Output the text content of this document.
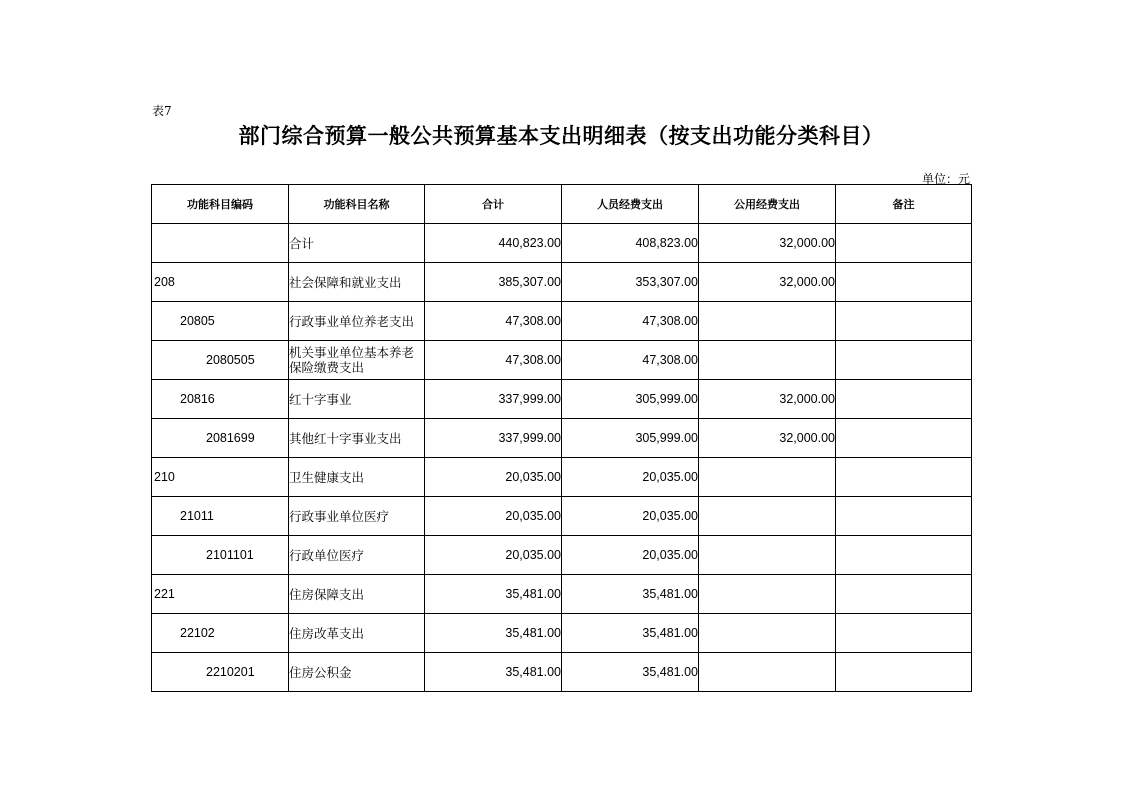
表7
部门综合预算一般公共预算基本支出明细表（按支出功能分类科目）
单位：元
功能科目编码	功能科目名称	合计	人员经费支出	公用经费支出	备注
	合计	440,823.00	408,823.00	32,000.00	
208	社会保障和就业支出	385,307.00	353,307.00	32,000.00	
20805	行政事业单位养老支出	47,308.00	47,308.00		
2080505	机关事业单位基本养老保险缴费支出	47,308.00	47,308.00		
20816	红十字事业	337,999.00	305,999.00	32,000.00	
2081699	其他红十字事业支出	337,999.00	305,999.00	32,000.00	
210	卫生健康支出	20,035.00	20,035.00		
21011	行政事业单位医疗	20,035.00	20,035.00		
2101101	行政单位医疗	20,035.00	20,035.00		
221	住房保障支出	35,481.00	35,481.00		
22102	住房改革支出	35,481.00	35,481.00		
2210201	住房公积金	35,481.00	35,481.00		
